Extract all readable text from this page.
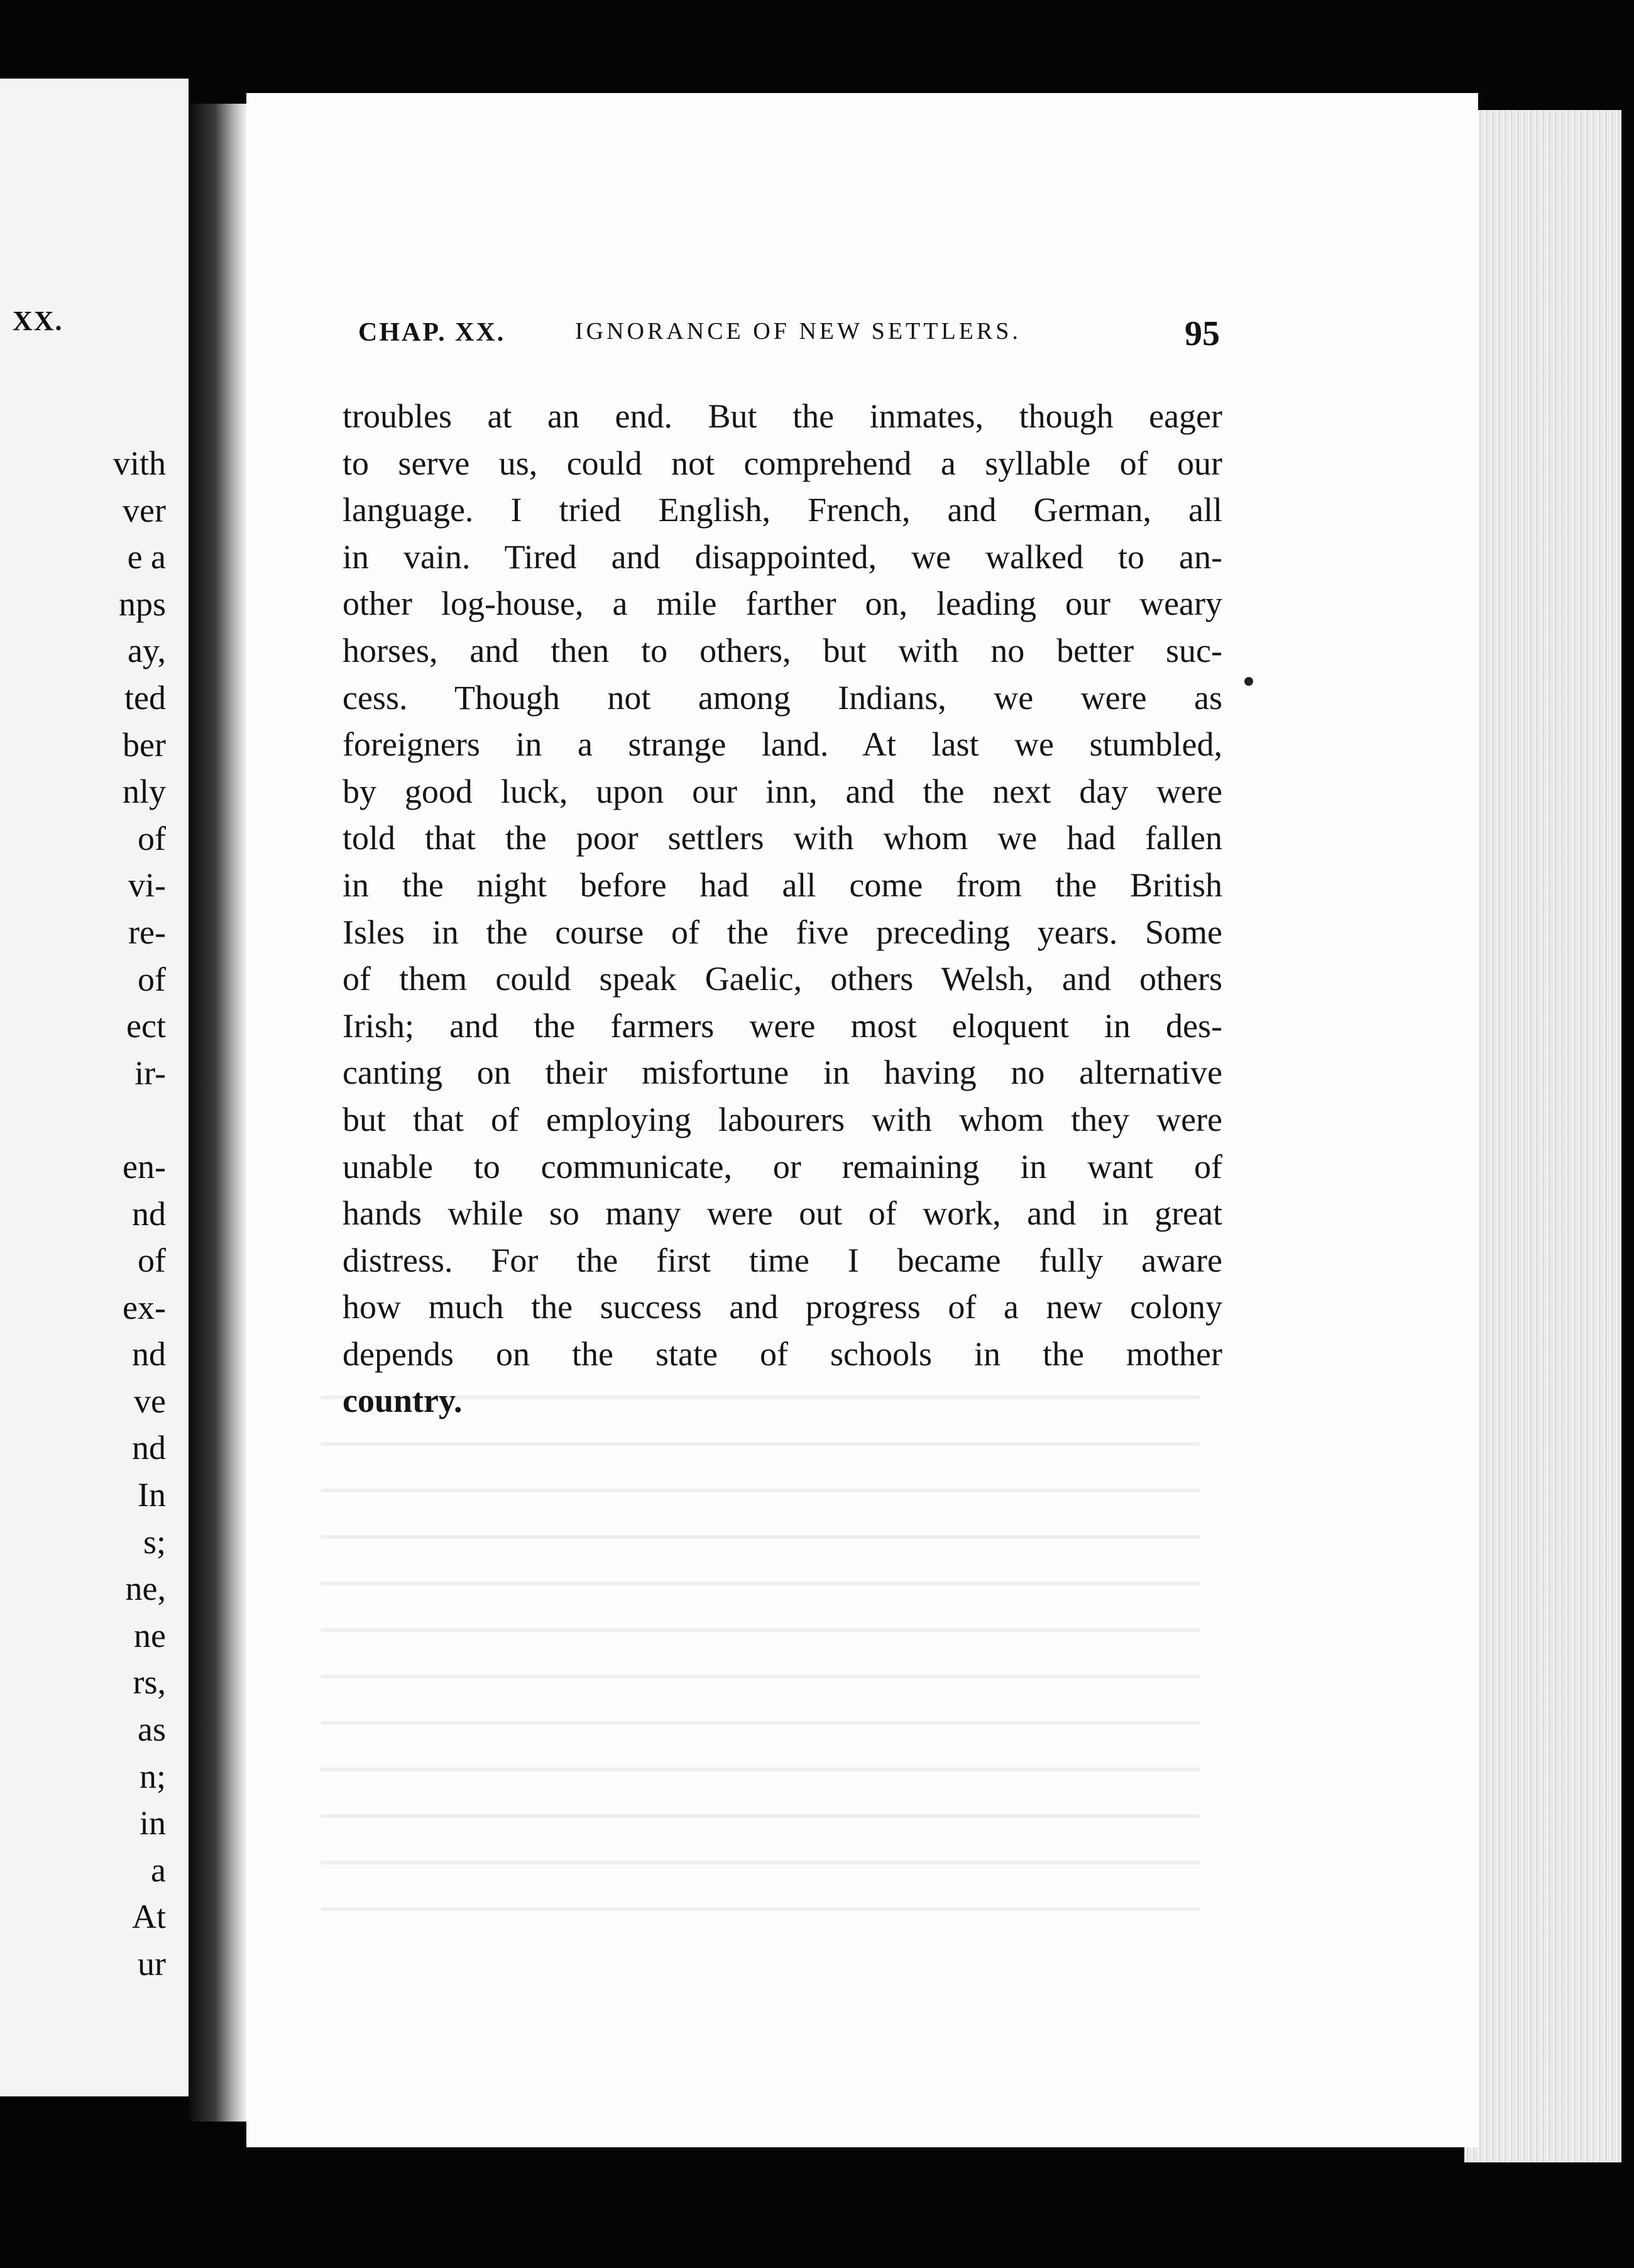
XX.
vith
ver
e a
nps
ay,
ted
ber
nly
of
vi-
re-
of
ect
ir-

en-
nd
of
ex-
nd
ve
nd
In
s;
ne,
ne
rs,
as
n;
in
a
At
ur
CHAP. XX.	IGNORANCE OF NEW SETTLERS.	95
troubles at an end. But the inmates, though eager
to serve us, could not comprehend a syllable of our
language. I tried English, French, and German, all
in vain. Tired and disappointed, we walked to an-
other log-house, a mile farther on, leading our weary
horses, and then to others, but with no better suc-
cess. Though not among Indians, we were as
foreigners in a strange land. At last we stumbled,
by good luck, upon our inn, and the next day were
told that the poor settlers with whom we had fallen
in the night before had all come from the British
Isles in the course of the five preceding years. Some
of them could speak Gaelic, others Welsh, and others
Irish; and the farmers were most eloquent in des-
canting on their misfortune in having no alternative
but that of employing labourers with whom they were
unable to communicate, or remaining in want of
hands while so many were out of work, and in great
distress. For the first time I became fully aware
how much the success and progress of a new colony
depends on the state of schools in the mother
country.
